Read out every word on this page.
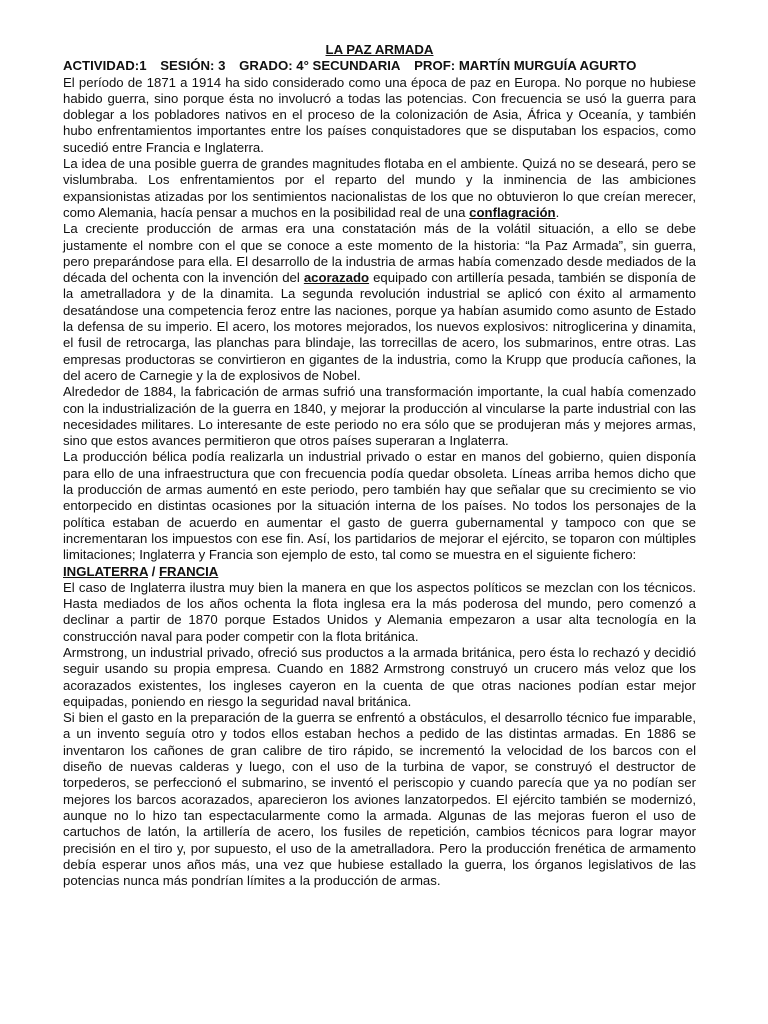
LA PAZ ARMADA

ACTIVIDAD:1 SESIÓN: 3 GRADO: 4° SECUNDARIA PROF: MARTÍN MURGUÍA AGURTO

El período de 1871 a 1914 ha sido considerado como una época de paz en Europa. No porque no hubiese habido guerra, sino porque ésta no involucró a todas las potencias. Con frecuencia se usó la guerra para doblegar a los pobladores nativos en el proceso de la colonización de Asia, África y Oceanía, y también hubo enfrentamientos importantes entre los países conquistadores que se disputaban los espacios, como sucedió entre Francia e Inglaterra.

La idea de una posible guerra de grandes magnitudes flotaba en el ambiente. Quizá no se deseará, pero se vislumbraba. Los enfrentamientos por el reparto del mundo y la inminencia de las ambiciones expansionistas atizadas por los sentimientos nacionalistas de los que no obtuvieron lo que creían merecer, como Alemania, hacía pensar a muchos en la posibilidad real de una conflagración.

La creciente producción de armas era una constatación más de la volátil situación, a ello se debe justamente el nombre con el que se conoce a este momento de la historia: “la Paz Armada”, sin guerra, pero preparándose para ella. El desarrollo de la industria de armas había comenzado desde mediados de la década del ochenta con la invención del acorazado equipado con artillería pesada, también se disponía de la ametralladora y de la dinamita. La segunda revolución industrial se aplicó con éxito al armamento desatándose una competencia feroz entre las naciones, porque ya habían asumido como asunto de Estado la defensa de su imperio. El acero, los motores mejorados, los nuevos explosivos: nitroglicerina y dinamita, el fusil de retrocarga, las planchas para blindaje, las torrecillas de acero, los submarinos, entre otras. Las empresas productoras se convirtieron en gigantes de la industria, como la Krupp que producía cañones, la del acero de Carnegie y la de explosivos de Nobel.

Alrededor de 1884, la fabricación de armas sufrió una transformación importante, la cual había comenzado con la industrialización de la guerra en 1840, y mejorar la producción al vincularse la parte industrial con las necesidades militares. Lo interesante de este periodo no era sólo que se produjeran más y mejores armas, sino que estos avances permitieron que otros países superaran a Inglaterra.

La producción bélica podía realizarla un industrial privado o estar en manos del gobierno, quien disponía para ello de una infraestructura que con frecuencia podía quedar obsoleta. Líneas arriba hemos dicho que la producción de armas aumentó en este periodo, pero también hay que señalar que su crecimiento se vio entorpecido en distintas ocasiones por la situación interna de los países. No todos los personajes de la política estaban de acuerdo en aumentar el gasto de guerra gubernamental y tampoco con que se incrementaran los impuestos con ese fin. Así, los partidarios de mejorar el ejército, se toparon con múltiples limitaciones; Inglaterra y Francia son ejemplo de esto, tal como se muestra en el siguiente fichero:

INGLATERRA / FRANCIA

El caso de Inglaterra ilustra muy bien la manera en que los aspectos políticos se mezclan con los técnicos. Hasta mediados de los años ochenta la flota inglesa era la más poderosa del mundo, pero comenzó a declinar a partir de 1870 porque Estados Unidos y Alemania empezaron a usar alta tecnología en la construcción naval para poder competir con la flota británica.

Armstrong, un industrial privado, ofreció sus productos a la armada británica, pero ésta lo rechazó y decidió seguir usando su propia empresa. Cuando en 1882 Armstrong construyó un crucero más veloz que los acorazados existentes, los ingleses cayeron en la cuenta de que otras naciones podían estar mejor equipadas, poniendo en riesgo la seguridad naval británica.

Si bien el gasto en la preparación de la guerra se enfrentó a obstáculos, el desarrollo técnico fue imparable, a un invento seguía otro y todos ellos estaban hechos a pedido de las distintas armadas. En 1886 se inventaron los cañones de gran calibre de tiro rápido, se incrementó la velocidad de los barcos con el diseño de nuevas calderas y luego, con el uso de la turbina de vapor, se construyó el destructor de torpederos, se perfeccionó el submarino, se inventó el periscopio y cuando parecía que ya no podían ser mejores los barcos acorazados, aparecieron los aviones lanzatorpedos. El ejército también se modernizó, aunque no lo hizo tan espectacularmente como la armada. Algunas de las mejoras fueron el uso de cartuchos de latón, la artillería de acero, los fusiles de repetición, cambios técnicos para lograr mayor precisión en el tiro y, por supuesto, el uso de la ametralladora. Pero la producción frenética de armamento debía esperar unos años más, una vez que hubiese estallado la guerra, los órganos legislativos de las potencias nunca más pondrían límites a la producción de armas.
